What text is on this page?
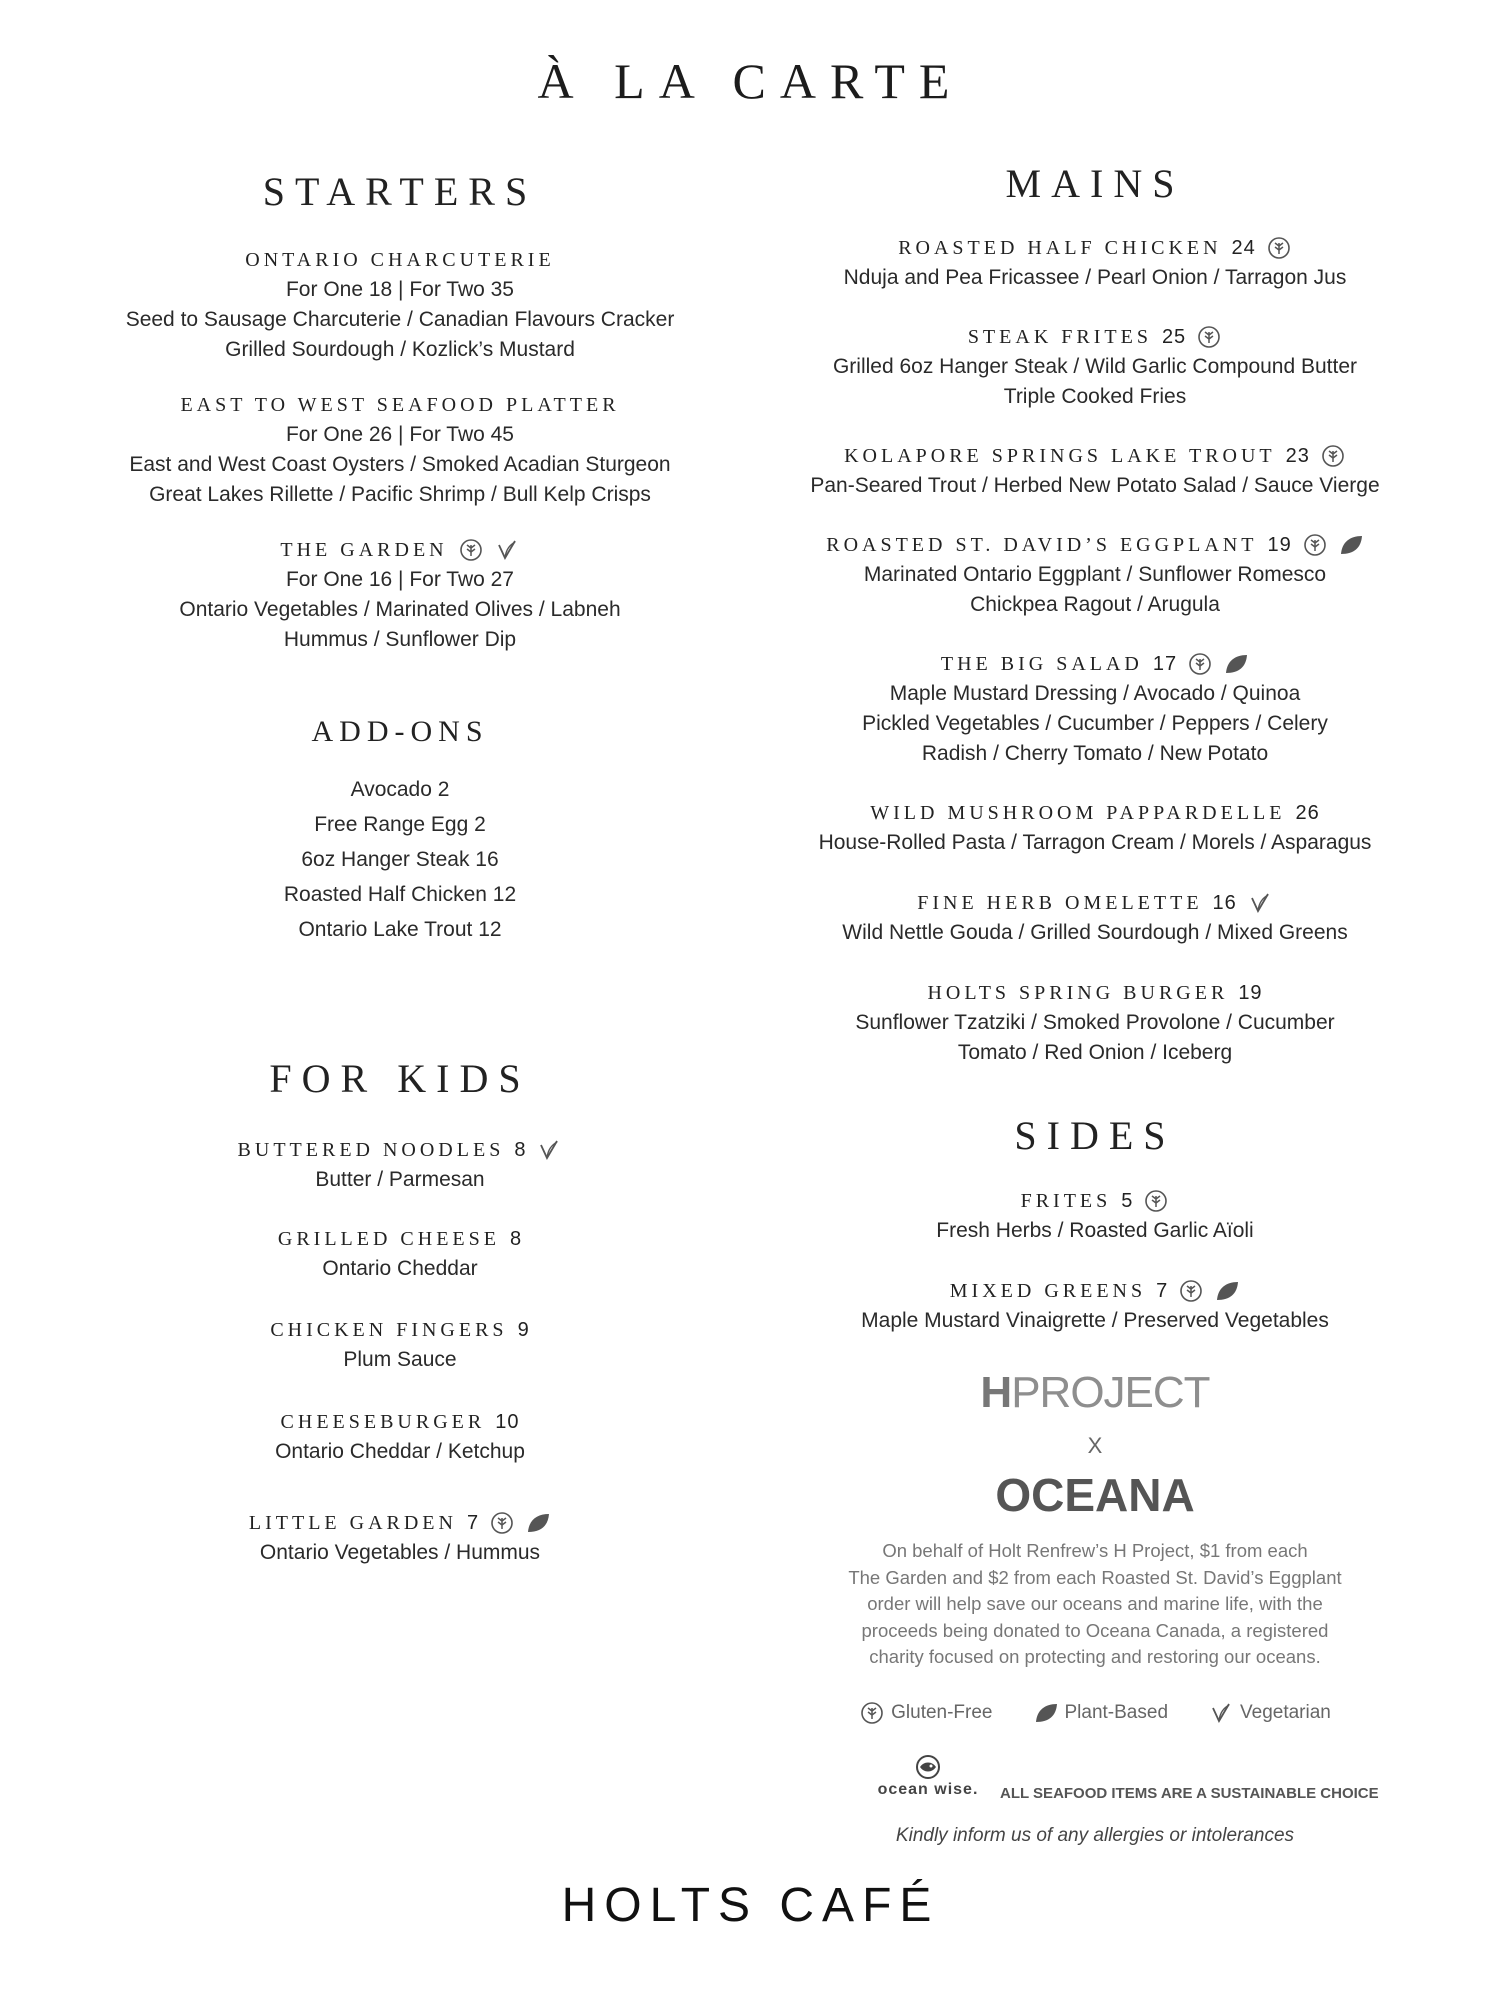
À LA CARTE
STARTERS
ONTARIO CHARCUTERIE
For One 18 | For Two 35
Seed to Sausage Charcuterie / Canadian Flavours Cracker
Grilled Sourdough / Kozlick’s Mustard
EAST TO WEST SEAFOOD PLATTER
For One 26 | For Two 45
East and West Coast Oysters / Smoked Acadian Sturgeon
Great Lakes Rillette / Pacific Shrimp / Bull Kelp Crisps
THE GARDEN
For One 16 | For Two 27
Ontario Vegetables / Marinated Olives / Labneh
Hummus / Sunflower Dip
ADD-ONS
Avocado 2
Free Range Egg 2
6oz Hanger Steak 16
Roasted Half Chicken 12
Ontario Lake Trout 12
FOR KIDS
BUTTERED NOODLES 8
Butter / Parmesan
GRILLED CHEESE 8
Ontario Cheddar
CHICKEN FINGERS 9
Plum Sauce
CHEESEBURGER 10
Ontario Cheddar / Ketchup
LITTLE GARDEN 7
Ontario Vegetables / Hummus
MAINS
ROASTED HALF CHICKEN 24
Nduja and Pea Fricassee / Pearl Onion / Tarragon Jus
STEAK FRITES 25
Grilled 6oz Hanger Steak / Wild Garlic Compound Butter
Triple Cooked Fries
KOLAPORE SPRINGS LAKE TROUT 23
Pan-Seared Trout / Herbed New Potato Salad / Sauce Vierge
ROASTED ST. DAVID’S EGGPLANT 19
Marinated Ontario Eggplant / Sunflower Romesco
Chickpea Ragout / Arugula
THE BIG SALAD 17
Maple Mustard Dressing / Avocado / Quinoa
Pickled Vegetables / Cucumber / Peppers / Celery
Radish / Cherry Tomato / New Potato
WILD MUSHROOM PAPPARDELLE 26
House-Rolled Pasta / Tarragon Cream / Morels / Asparagus
FINE HERB OMELETTE 16
Wild Nettle Gouda / Grilled Sourdough / Mixed Greens
HOLTS SPRING BURGER 19
Sunflower Tzatziki / Smoked Provolone / Cucumber
Tomato / Red Onion / Iceberg
SIDES
FRITES 5
Fresh Herbs / Roasted Garlic Aïoli
MIXED GREENS 7
Maple Mustard Vinaigrette / Preserved Vegetables
HPROJECT
X
OCEANA
On behalf of Holt Renfrew’s H Project, $1 from each
The Garden and $2 from each Roasted St. David’s Eggplant
order will help save our oceans and marine life, with the
proceeds being donated to Oceana Canada, a registered
charity focused on protecting and restoring our oceans.
Gluten-Free	Plant-Based	Vegetarian
ocean wise.	ALL SEAFOOD ITEMS ARE A SUSTAINABLE CHOICE
Kindly inform us of any allergies or intolerances
HOLTS CAFÉ
